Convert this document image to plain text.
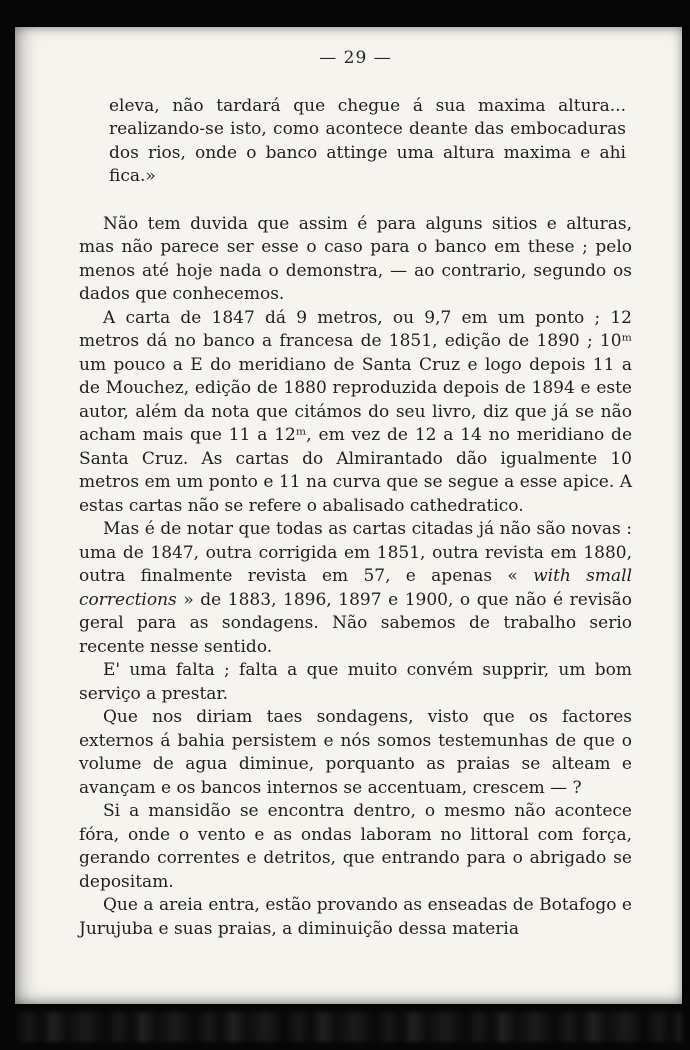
— 29 —
eleva, não tardará que chegue á sua maxima altura... realizando-se isto, como acontece deante das embocaduras dos rios, onde o banco attinge uma altura maxima e ahi fica.»

Não tem duvida que assim é para alguns sitios e alturas, mas não parece ser esse o caso para o banco em these ; pelo menos até hoje nada o demonstra, — ao contrario, segundo os dados que conhecemos.

A carta de 1847 dá 9 metros, ou 9,7 em um ponto ; 12 metros dá no banco a francesa de 1851, edição de 1890 ; 10ᵐ um pouco a E do meridiano de Santa Cruz e logo depois 11 a de Mouchez, edição de 1880 reproduzida depois de 1894 e este autor, além da nota que citámos do seu livro, diz que já se não acham mais que 11 a 12ᵐ, em vez de 12 a 14 no meridiano de Santa Cruz. As cartas do Almirantado dão igualmente 10 metros em um ponto e 11 na curva que se segue a esse apice. A estas cartas não se refere o abalisado cathedratico.

Mas é de notar que todas as cartas citadas já não são novas : uma de 1847, outra corrigida em 1851, outra revista em 1880, outra finalmente revista em 57, e apenas « with small corrections » de 1883, 1896, 1897 e 1900, o que não é revisão geral para as sondagens. Não sabemos de trabalho serio recente nesse sentido.

E' uma falta ; falta a que muito convém supprir, um bom serviço a prestar.

Que nos diriam taes sondagens, visto que os factores externos á bahia persistem e nós somos testemunhas de que o volume de agua diminue, porquanto as praias se alteam e avançam e os bancos internos se accentuam, crescem — ?

Si a mansidão se encontra dentro, o mesmo não acontece fóra, onde o vento e as ondas laboram no littoral com força, gerando correntes e detritos, que entrando para o abrigado se depositam.

Que a areia entra, estão provando as enseadas de Botafogo e Jurujuba e suas praias, a diminuição dessa materia
